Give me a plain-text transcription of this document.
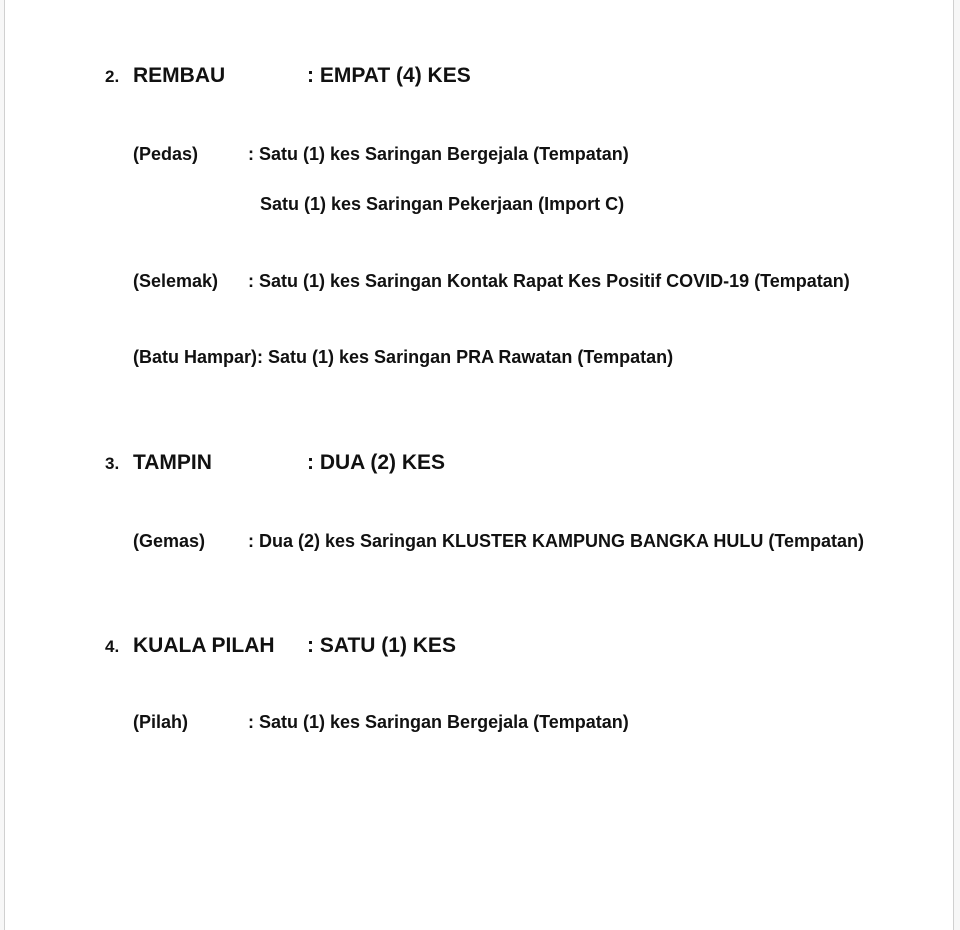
2. REMBAU	: EMPAT (4) KES
(Pedas)	: Satu (1) kes Saringan Bergejala (Tempatan)
Satu (1) kes Saringan Pekerjaan (Import C)
(Selemak) : Satu (1) kes Saringan Kontak Rapat Kes Positif COVID-19 (Tempatan)
(Batu Hampar): Satu (1) kes Saringan PRA Rawatan (Tempatan)
3. TAMPIN	: DUA (2) KES
(Gemas) : Dua (2) kes Saringan KLUSTER KAMPUNG BANGKA HULU (Tempatan)
4. KUALA PILAH : SATU (1) KES
(Pilah)	: Satu (1) kes Saringan Bergejala (Tempatan)
